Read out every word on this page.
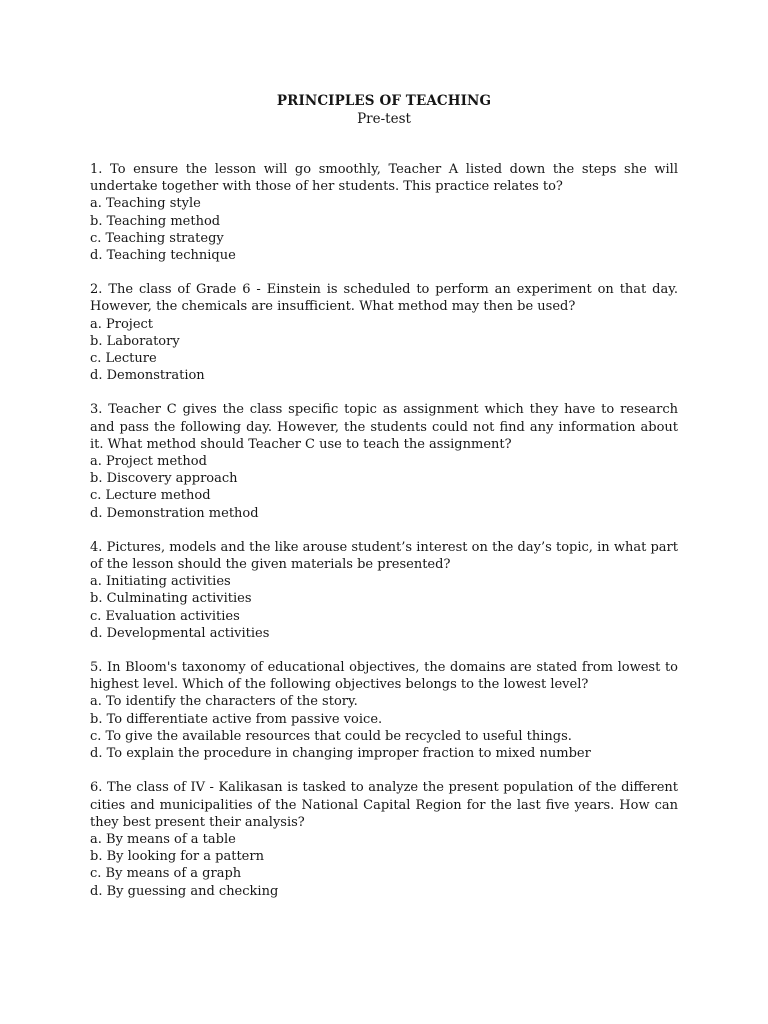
PRINCIPLES OF TEACHING

Pre-test

1. To ensure the lesson will go smoothly, Teacher A listed down the steps she will undertake together with those of her students. This practice relates to?

a. Teaching style

b. Teaching method

c. Teaching strategy

d. Teaching technique

2. The class of Grade 6 - Einstein is scheduled to perform an experiment on that day. However, the chemicals are insufficient. What method may then be used?

a. Project

b. Laboratory

c. Lecture

d. Demonstration

3. Teacher C gives the class specific topic as assignment which they have to research and pass the following day. However, the students could not find any information about it. What method should Teacher C use to teach the assignment?

a. Project method

b. Discovery approach

c. Lecture method

d. Demonstration method

4. Pictures, models and the like arouse student’s interest on the day’s topic, in what part of the lesson should the given materials be presented?

a. Initiating activities

b. Culminating activities

c. Evaluation activities

d. Developmental activities

5. In Bloom's taxonomy of educational objectives, the domains are stated from lowest to highest level. Which of the following objectives belongs to the lowest level?

a. To identify the characters of the story.

b. To differentiate active from passive voice.

c. To give the available resources that could be recycled to useful things.

d. To explain the procedure in changing improper fraction to mixed number

6. The class of IV - Kalikasan is tasked to analyze the present population of the different cities and municipalities of the National Capital Region for the last five years. How can they best present their analysis?

a. By means of a table

b. By looking for a pattern

c. By means of a graph

d. By guessing and checking
